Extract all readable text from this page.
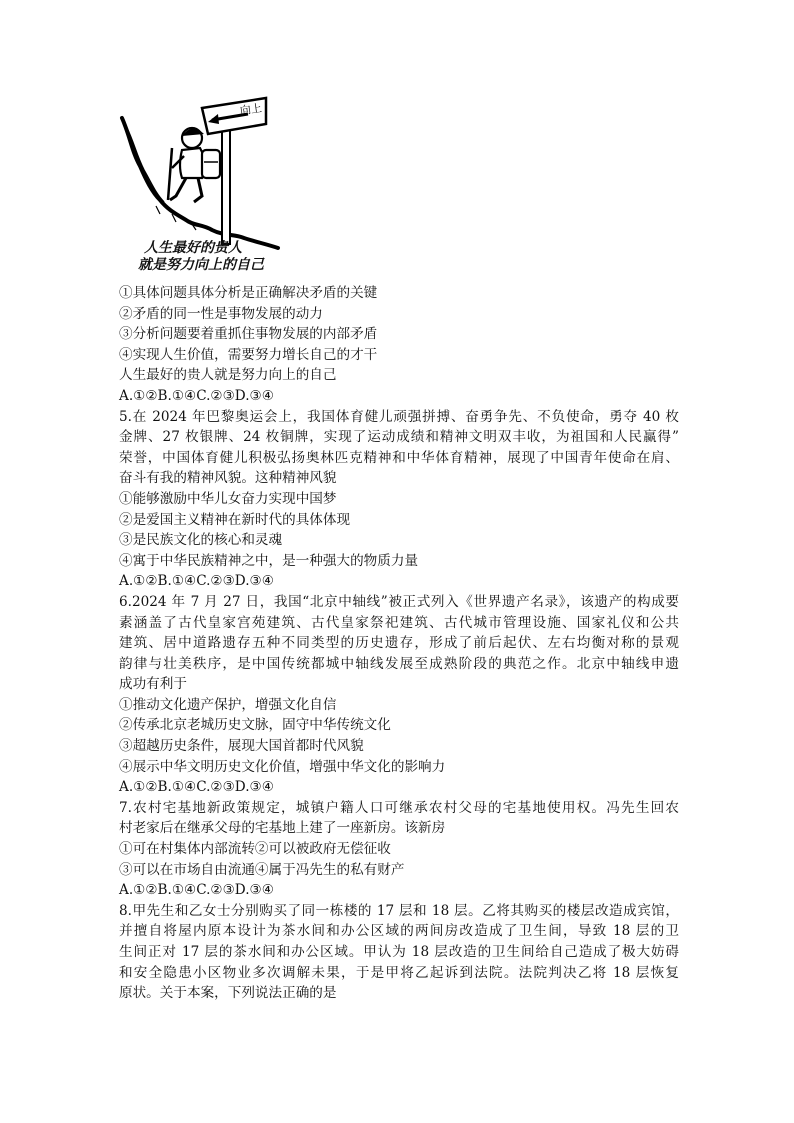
向上
人生最好的贵人
就是努力向上的自己
①具体问题具体分析是正确解决矛盾的关键
②矛盾的同一性是事物发展的动力
③分析问题要着重抓住事物发展的内部矛盾
④实现人生价值，需要努力增长自己的才干
人生最好的贵人就是努力向上的自己
A.①②B.①④C.②③D.③④
5.在 2024 年巴黎奥运会上，我国体育健儿顽强拼搏、奋勇争先、不负使命，勇夺 40 枚
金牌、27 枚银牌、24 枚铜牌，实现了运动成绩和精神文明双丰收，为祖国和人民赢得”
荣誉，中国体育健儿积极弘扬奥林匹克精神和中华体育精神，展现了中国青年使命在肩、
奋斗有我的精神风貌。这种精神风貌
①能够激励中华儿女奋力实现中国梦
②是爱国主义精神在新时代的具体体现
③是民族文化的核心和灵魂
④寓于中华民族精神之中，是一种强大的物质力量
A.①②B.①④C.②③D.③④
6.2024 年 7 月 27 日，我国“北京中轴线”被正式列入《世界遗产名录》，该遗产的构成要
素涵盖了古代皇家宫苑建筑、古代皇家祭祀建筑、古代城市管理设施、国家礼仪和公共
建筑、居中道路遗存五种不同类型的历史遗存，形成了前后起伏、左右均衡对称的景观
韵律与壮美秩序，是中国传统都城中轴线发展至成熟阶段的典范之作。北京中轴线申遗
成功有利于
①推动文化遗产保护，增强文化自信
②传承北京老城历史文脉，固守中华传统文化
③超越历史条件，展现大国首都时代风貌
④展示中华文明历史文化价值，增强中华文化的影响力
A.①②B.①④C.②③D.③④
7.农村宅基地新政策规定，城镇户籍人口可继承农村父母的宅基地使用权。冯先生回农
村老家后在继承父母的宅基地上建了一座新房。该新房
①可在村集体内部流转②可以被政府无偿征收
③可以在市场自由流通④属于冯先生的私有财产
A.①②B.①④C.②③D.③④
8.甲先生和乙女士分别购买了同一栋楼的 17 层和 18 层。乙将其购买的楼层改造成宾馆，
并擅自将屋内原本设计为茶水间和办公区域的两间房改造成了卫生间，导致 18 层的卫
生间正对 17 层的茶水间和办公区域。甲认为 18 层改造的卫生间给自己造成了极大妨碍
和安全隐患小区物业多次调解未果，于是甲将乙起诉到法院。法院判决乙将 18 层恢复
原状。关于本案，下列说法正确的是
